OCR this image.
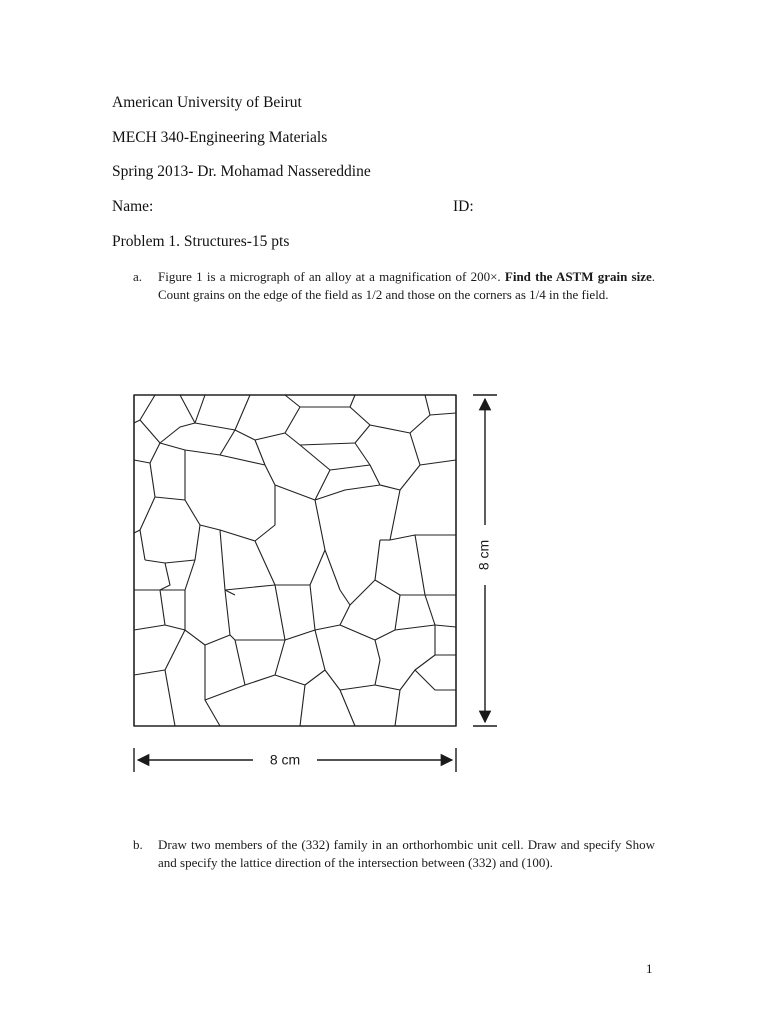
American University of Beirut
MECH 340-Engineering Materials
Spring 2013- Dr. Mohamad Nassereddine
Name:	ID:
Problem 1. Structures-15 pts
a. Figure 1 is a micrograph of an alloy at a magnification of 200×. Find the ASTM grain size. Count grains on the edge of the field as 1/2 and those on the corners as 1/4 in the field.
8 cm
8 cm
b. Draw two members of the (332) family in an orthorhombic unit cell. Draw and specify Show and specify the lattice direction of the intersection between (332) and (100).
1
